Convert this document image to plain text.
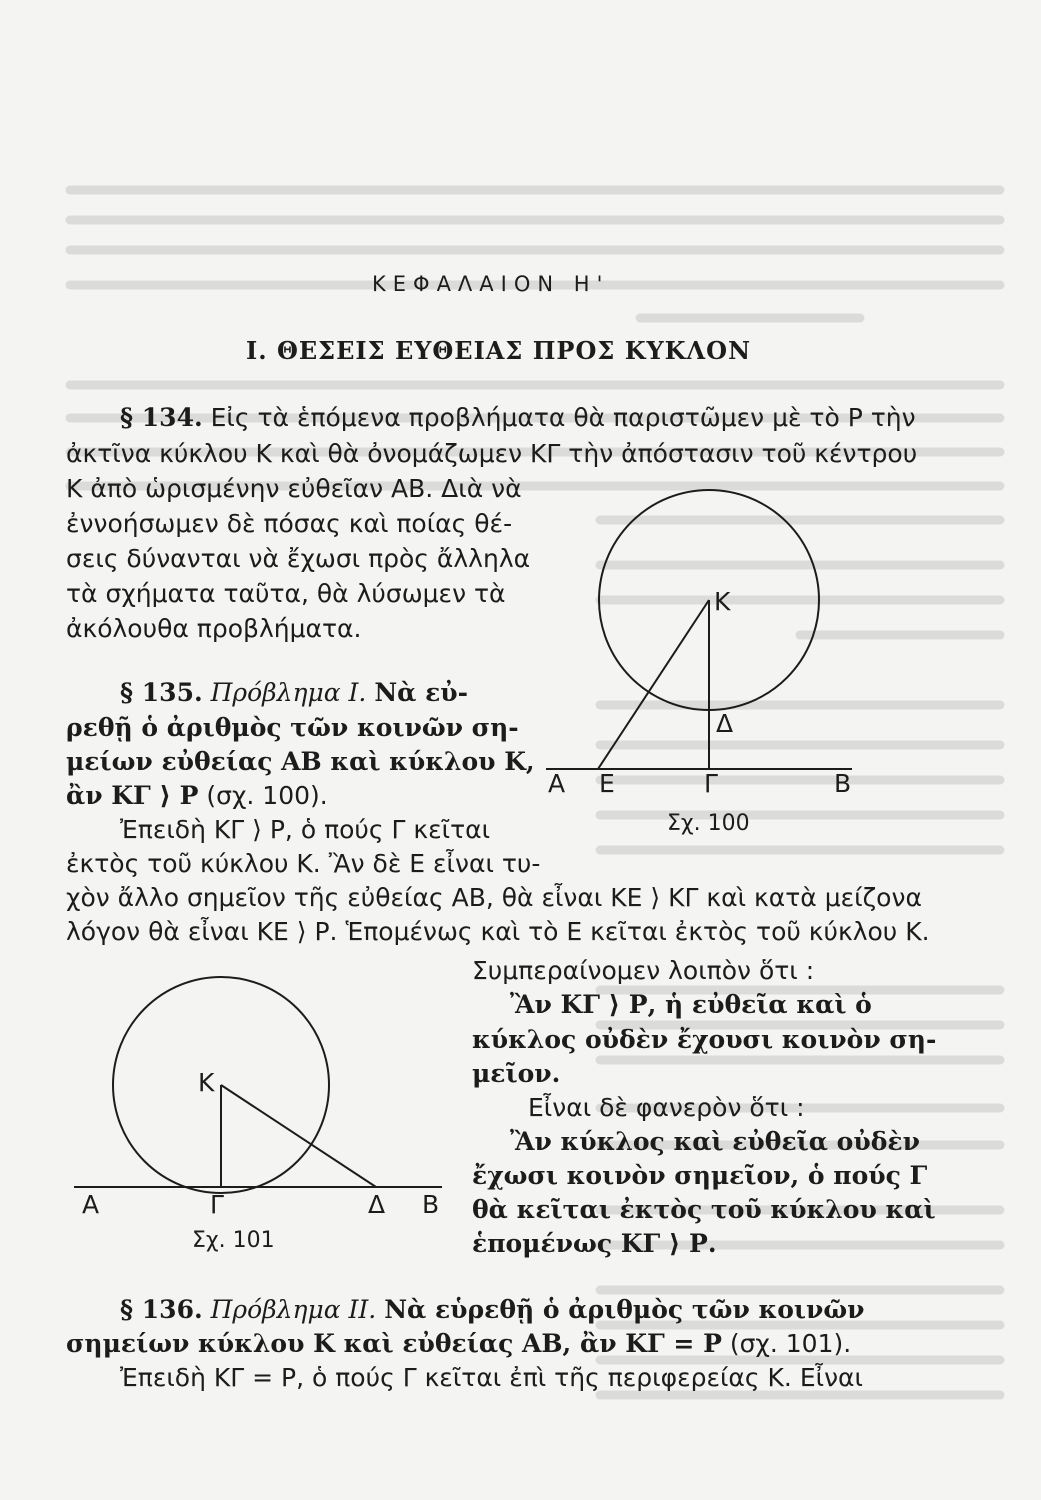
ΚΕΦΑΛΑΙΟΝ Η'
Ι. ΘΕΣΕΙΣ ΕΥΘΕΙΑΣ ΠΡΟΣ ΚΥΚΛΟΝ
§ 134. Εἰς τὰ ἑπόμενα προβλήματα θὰ παριστῶμεν μὲ τὸ Ρ τὴν
ἀκτῖνα κύκλου Κ καὶ θὰ ὀνομάζωμεν ΚΓ τὴν ἀπόστασιν τοῦ κέντρου
Κ ἀπὸ ὡρισμένην εὐθεῖαν ΑΒ. Διὰ νὰ
ἐννοήσωμεν δὲ πόσας καὶ ποίας θέ-
σεις δύνανται νὰ ἔχωσι πρὸς ἄλληλα
τὰ σχήματα ταῦτα, θὰ λύσωμεν τὰ
ἀκόλουθα προβλήματα.
§ 135. Πρόβλημα Ι. Νὰ εὐ-
ρεθῇ ὁ ἀριθμὸς τῶν κοινῶν ση-
μείων εὐθείας ΑΒ καὶ κύκλου Κ,
ἂν ΚΓ ⟩ Ρ (σχ. 100).
Ἐπειδὴ ΚΓ ⟩ Ρ, ὁ πούς Γ κεῖται
ἐκτὸς τοῦ κύκλου Κ. Ἂν δὲ Ε εἶναι τυ-
χὸν ἄλλο σημεῖον τῆς εὐθείας ΑΒ, θὰ εἶναι ΚΕ ⟩ ΚΓ καὶ κατὰ μείζονα
λόγον θὰ εἶναι ΚΕ ⟩ Ρ. Ἑπομένως καὶ τὸ Ε κεῖται ἐκτὸς τοῦ κύκλου Κ.
Συμπεραίνομεν λοιπὸν ὅτι :
Ἂν ΚΓ ⟩ Ρ, ἡ εὐθεῖα καὶ ὁ
κύκλος οὐδὲν ἔχουσι κοινὸν ση-
μεῖον.
Εἶναι δὲ φανερὸν ὅτι :
Ἂν κύκλος καὶ εὐθεῖα οὐδὲν
ἔχωσι κοινὸν σημεῖον, ὁ πούς Γ
θὰ κεῖται ἐκτὸς τοῦ κύκλου καὶ
ἑπομένως ΚΓ ⟩ Ρ.
§ 136. Πρόβλημα ΙΙ. Νὰ εὑρεθῇ ὁ ἀριθμὸς τῶν κοινῶν
σημείων κύκλου Κ καὶ εὐθείας ΑΒ, ἂν ΚΓ = Ρ (σχ. 101).
Ἐπειδὴ ΚΓ = Ρ, ὁ πούς Γ κεῖται ἐπὶ τῆς περιφερείας Κ. Εἶναι
Κ
Δ
Α Ε	Γ	Β
Σχ. 100
Κ
Α	Γ	Δ Β
Σχ. 101
